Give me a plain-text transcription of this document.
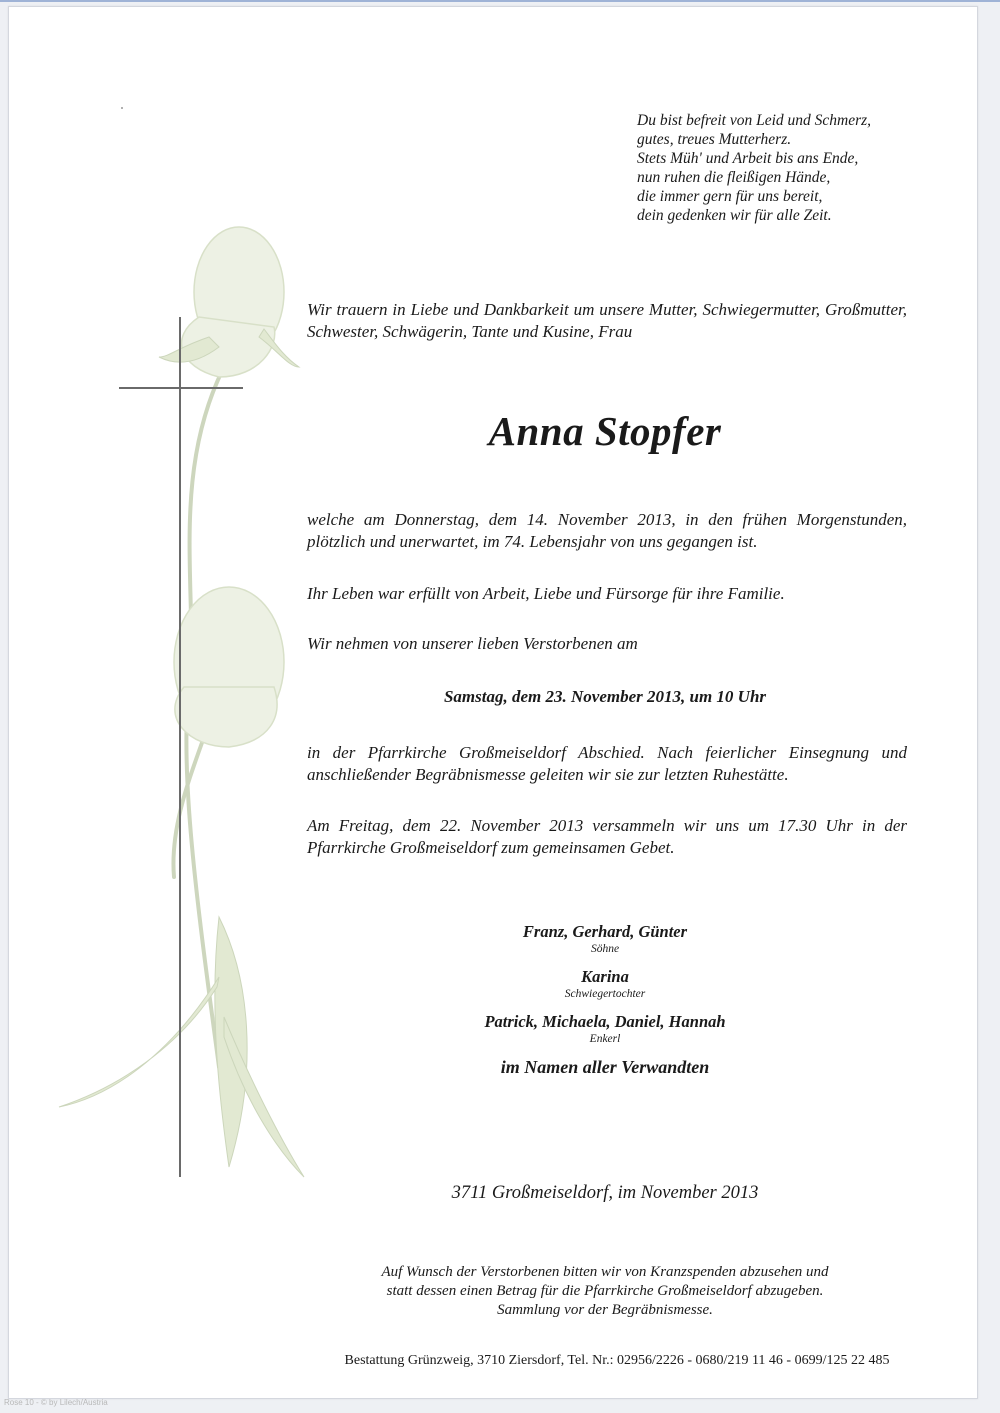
Du bist befreit von Leid und Schmerz,
gutes, treues Mutterherz.
Stets Müh' und Arbeit bis ans Ende,
nun ruhen die fleißigen Hände,
die immer gern für uns bereit,
dein gedenken wir für alle Zeit.
Wir trauern in Liebe und Dankbarkeit um unsere Mutter, Schwiegermutter, Großmutter, Schwester, Schwägerin, Tante und Kusine, Frau
Anna Stopfer
welche am Donnerstag, dem 14. November 2013, in den frühen Morgenstunden, plötzlich und unerwartet, im 74. Lebensjahr von uns gegangen ist.
Ihr Leben war erfüllt von Arbeit, Liebe und Fürsorge für ihre Familie.
Wir nehmen von unserer lieben Verstorbenen am
Samstag, dem 23. November 2013, um 10 Uhr
in der Pfarrkirche Großmeiseldorf Abschied. Nach feierlicher Einsegnung und anschließender Begräbnismesse geleiten wir sie zur letzten Ruhestätte.
Am Freitag, dem 22. November 2013 versammeln wir uns um 17.30 Uhr in der Pfarrkirche Großmeiseldorf zum gemeinsamen Gebet.
Franz, Gerhard, Günter
Söhne
Karina
Schwiegertochter
Patrick, Michaela, Daniel, Hannah
Enkerl
im Namen aller Verwandten
3711 Großmeiseldorf, im November 2013
Auf Wunsch der Verstorbenen bitten wir von Kranzspenden abzusehen und
statt dessen einen Betrag für die Pfarrkirche Großmeiseldorf abzugeben.
Sammlung vor der Begräbnismesse.
Bestattung Grünzweig, 3710 Ziersdorf, Tel. Nr.: 02956/2226 - 0680/219 11 46 - 0699/125 22 485
Rose 10 - © by Lilech/Austria
